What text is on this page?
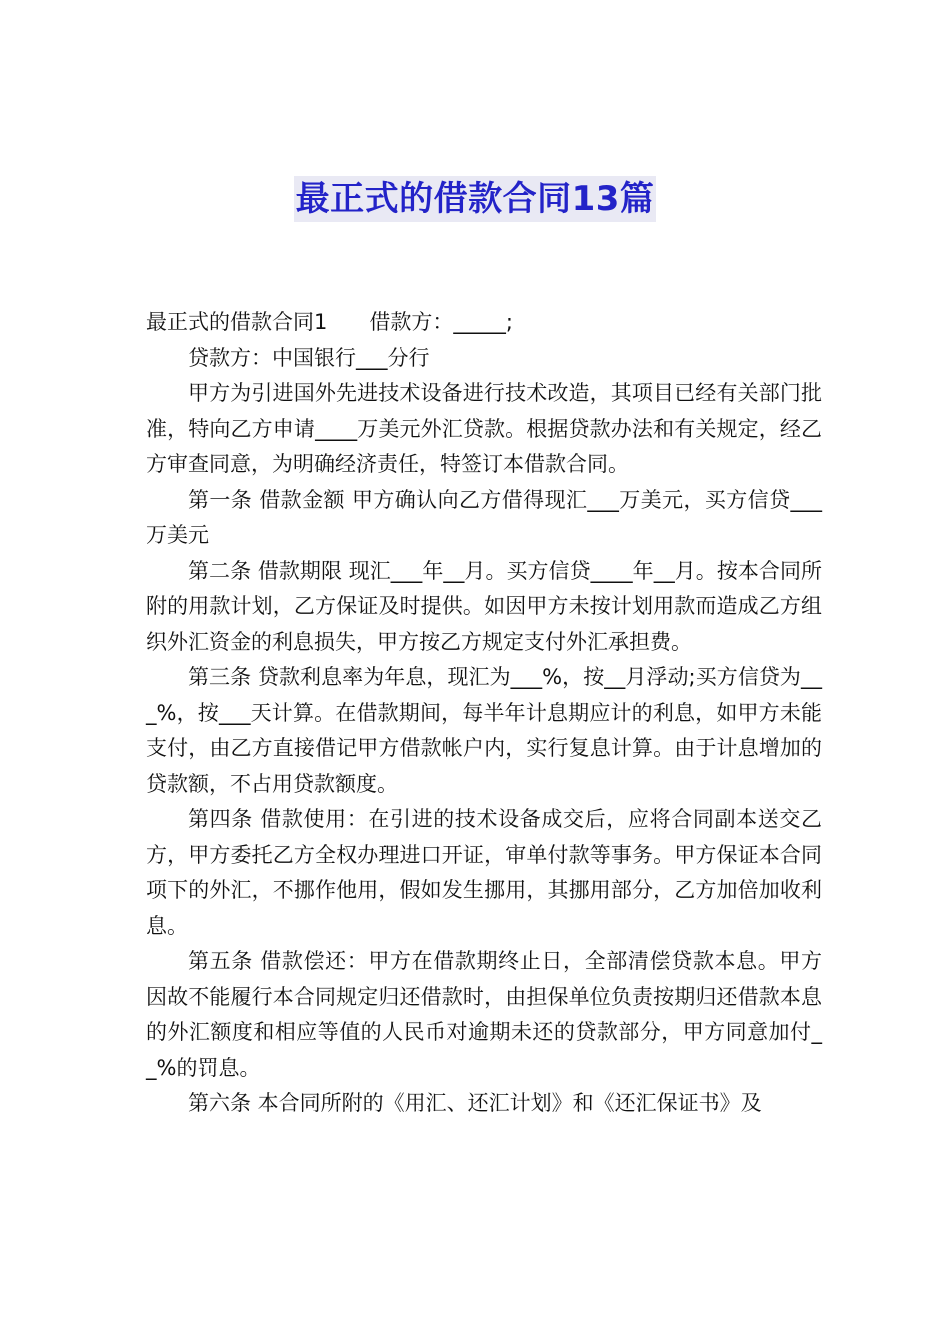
最正式的借款合同13篇

最正式的借款合同1 借款方：_____;

贷款方：中国银行___分行

甲方为引进国外先进技术设备进行技术改造，其项目已经有关部门批准，特向乙方申请____万美元外汇贷款。根据贷款办法和有关规定，经乙方审查同意，为明确经济责任，特签订本借款合同。

第一条 借款金额 甲方确认向乙方借得现汇___万美元，买方信贷___万美元

第二条 借款期限 现汇___年__月。买方信贷____年__月。按本合同所附的用款计划，乙方保证及时提供。如因甲方未按计划用款而造成乙方组织外汇资金的利息损失，甲方按乙方规定支付外汇承担费。

第三条 贷款利息率为年息，现汇为___%，按__月浮动;买方信贷为___%，按___天计算。在借款期间，每半年计息期应计的利息，如甲方未能支付，由乙方直接借记甲方借款帐户内，实行复息计算。由于计息增加的贷款额，不占用贷款额度。

第四条 借款使用：在引进的技术设备成交后，应将合同副本送交乙方，甲方委托乙方全权办理进口开证，审单付款等事务。甲方保证本合同项下的外汇，不挪作他用，假如发生挪用，其挪用部分，乙方加倍加收利息。

第五条 借款偿还：甲方在借款期终止日，全部清偿贷款本息。甲方因故不能履行本合同规定归还借款时，由担保单位负责按期归还借款本息的外汇额度和相应等值的人民币对逾期未还的贷款部分，甲方同意加付__%的罚息。

第六条 本合同所附的《用汇、还汇计划》和《还汇保证书》及
